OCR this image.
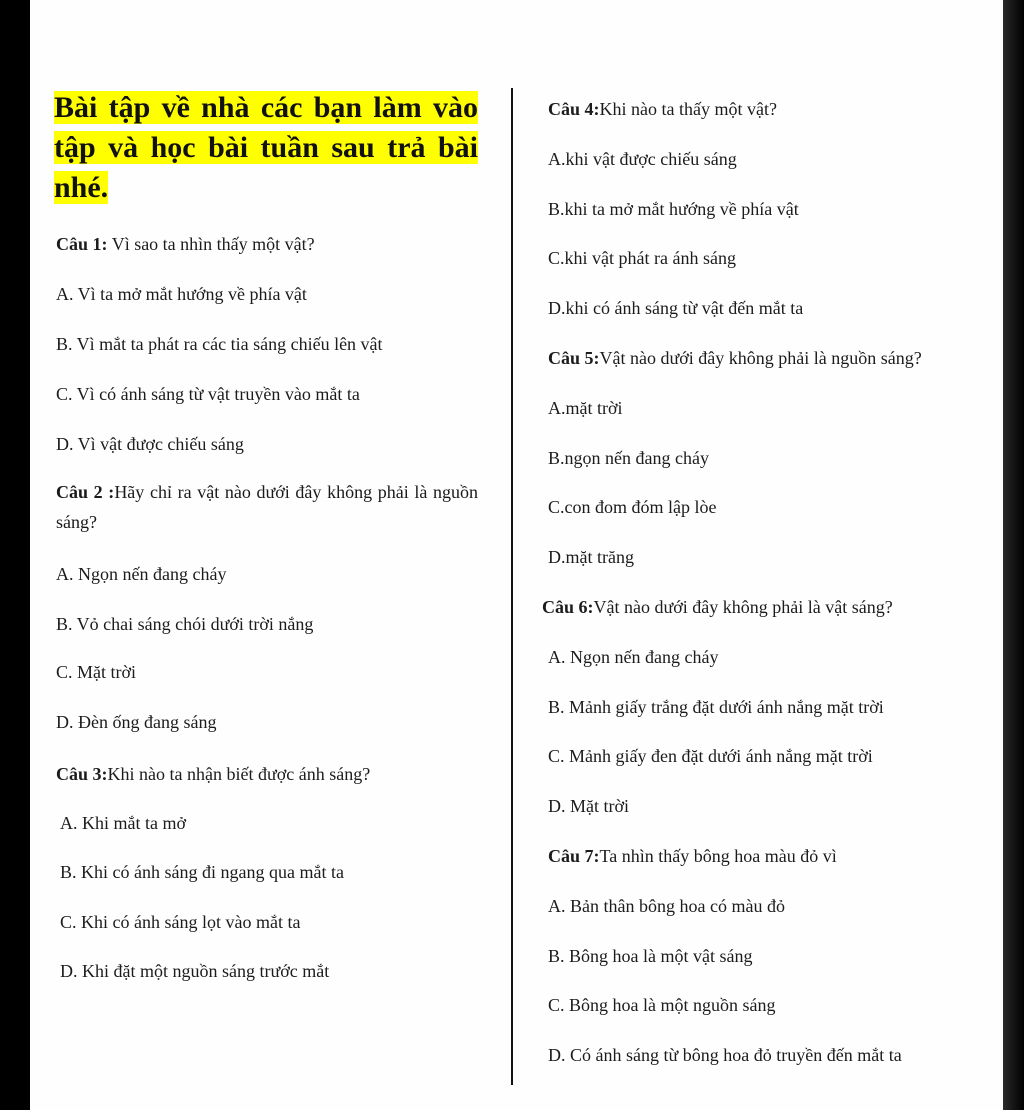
Bài tập về nhà các bạn làm vào tập và học bài tuần sau trả bài nhé.
Câu 1: Vì sao ta nhìn thấy một vật?
A. Vì ta mở mắt hướng về phía vật
B. Vì mắt ta phát ra các tia sáng chiếu lên vật
C. Vì có ánh sáng từ vật truyền vào mắt ta
D. Vì vật được chiếu sáng
Câu 2 :Hãy chỉ ra vật nào dưới đây không phải là nguồn sáng?
A. Ngọn nến đang cháy
B. Vỏ chai sáng chói dưới trời nắng
C. Mặt trời
D. Đèn ống đang sáng
Câu 3:Khi nào ta nhận biết được ánh sáng?
A. Khi mắt ta mở
B. Khi có ánh sáng đi ngang qua mắt ta
C. Khi có ánh sáng lọt vào mắt ta
D. Khi đặt một nguồn sáng trước mắt
Câu 4:Khi nào ta thấy một vật?
A.khi vật được chiếu sáng
B.khi ta mở mắt hướng về phía vật
C.khi vật phát ra ánh sáng
D.khi có ánh sáng từ vật đến mắt ta
Câu 5:Vật nào dưới đây không phải là nguồn sáng?
A.mặt trời
B.ngọn nến đang cháy
C.con đom đóm lập lòe
D.mặt trăng
Câu 6:Vật nào dưới đây không phải là vật sáng?
A. Ngọn nến đang cháy
B. Mảnh giấy trắng đặt dưới ánh nắng mặt trời
C. Mảnh giấy đen đặt dưới ánh nắng mặt trời
D. Mặt trời
Câu 7:Ta nhìn thấy bông hoa màu đỏ vì
A. Bản thân bông hoa có màu đỏ
B. Bông hoa là một vật sáng
C. Bông hoa là một nguồn sáng
D. Có ánh sáng từ bông hoa đỏ truyền đến mắt ta
